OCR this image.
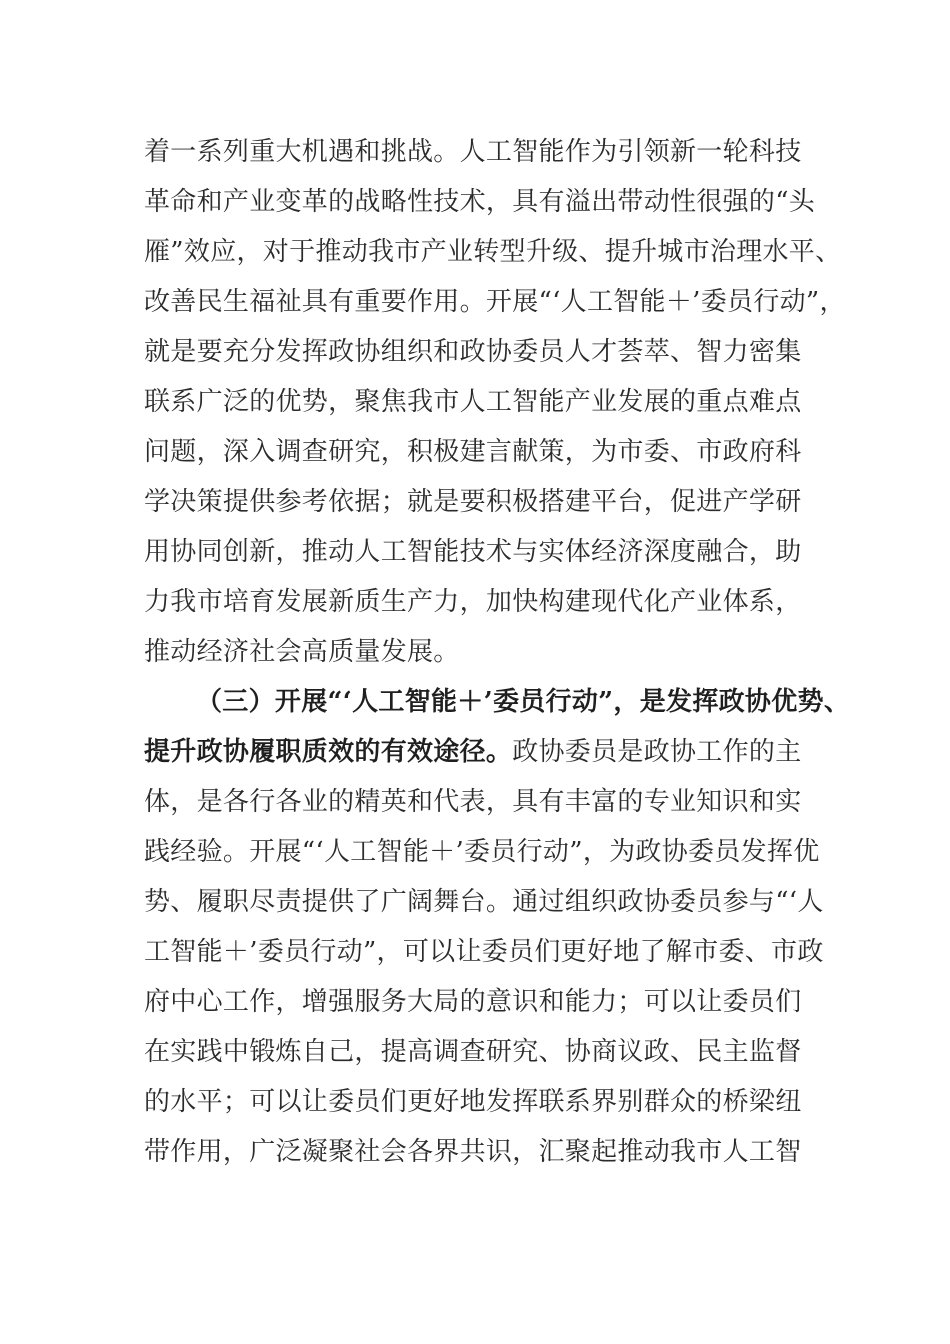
着一系列重大机遇和挑战。人工智能作为引领新一轮科技
革命和产业变革的战略性技术，具有溢出带动性很强的“头
雁”效应，对于推动我市产业转型升级、提升城市治理水平、
改善民生福祉具有重要作用。开展“‘人工智能＋’委员行动”，
就是要充分发挥政协组织和政协委员人才荟萃、智力密集
联系广泛的优势，聚焦我市人工智能产业发展的重点难点
问题，深入调查研究，积极建言献策，为市委、市政府科
学决策提供参考依据；就是要积极搭建平台，促进产学研
用协同创新，推动人工智能技术与实体经济深度融合，助
力我市培育发展新质生产力，加快构建现代化产业体系，
推动经济社会高质量发展。
（三）开展“‘人工智能＋’委员行动”，是发挥政协优势、
提升政协履职质效的有效途径。政协委员是政协工作的主
体，是各行各业的精英和代表，具有丰富的专业知识和实
践经验。开展“‘人工智能＋’委员行动”，为政协委员发挥优
势、履职尽责提供了广阔舞台。通过组织政协委员参与“‘人
工智能＋’委员行动”，可以让委员们更好地了解市委、市政
府中心工作，增强服务大局的意识和能力；可以让委员们
在实践中锻炼自己，提高调查研究、协商议政、民主监督
的水平；可以让委员们更好地发挥联系界别群众的桥梁纽
带作用，广泛凝聚社会各界共识，汇聚起推动我市人工智
